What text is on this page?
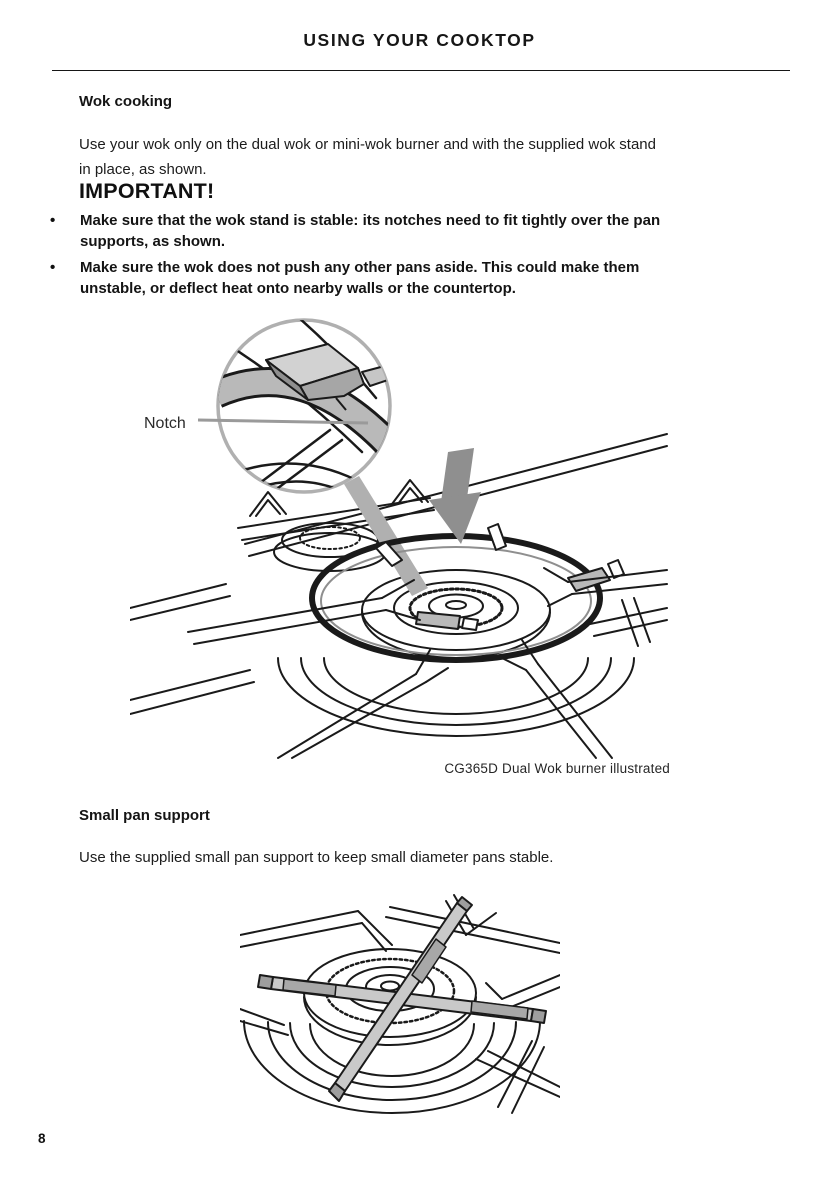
USING YOUR COOKTOP
Wok cooking
Use your wok only on the dual wok or mini-wok burner and with the supplied wok stand
in place, as shown.
IMPORTANT!
•	Make sure that the wok stand is stable: its notches need to fit tightly over the pan
supports, as shown.
•	Make sure the wok does not push any other pans aside. This could make them
unstable, or deflect heat onto nearby walls or the countertop.
Notch
CG365D Dual Wok burner illustrated
Small pan support
Use the supplied small pan support to keep small diameter pans stable.
8
